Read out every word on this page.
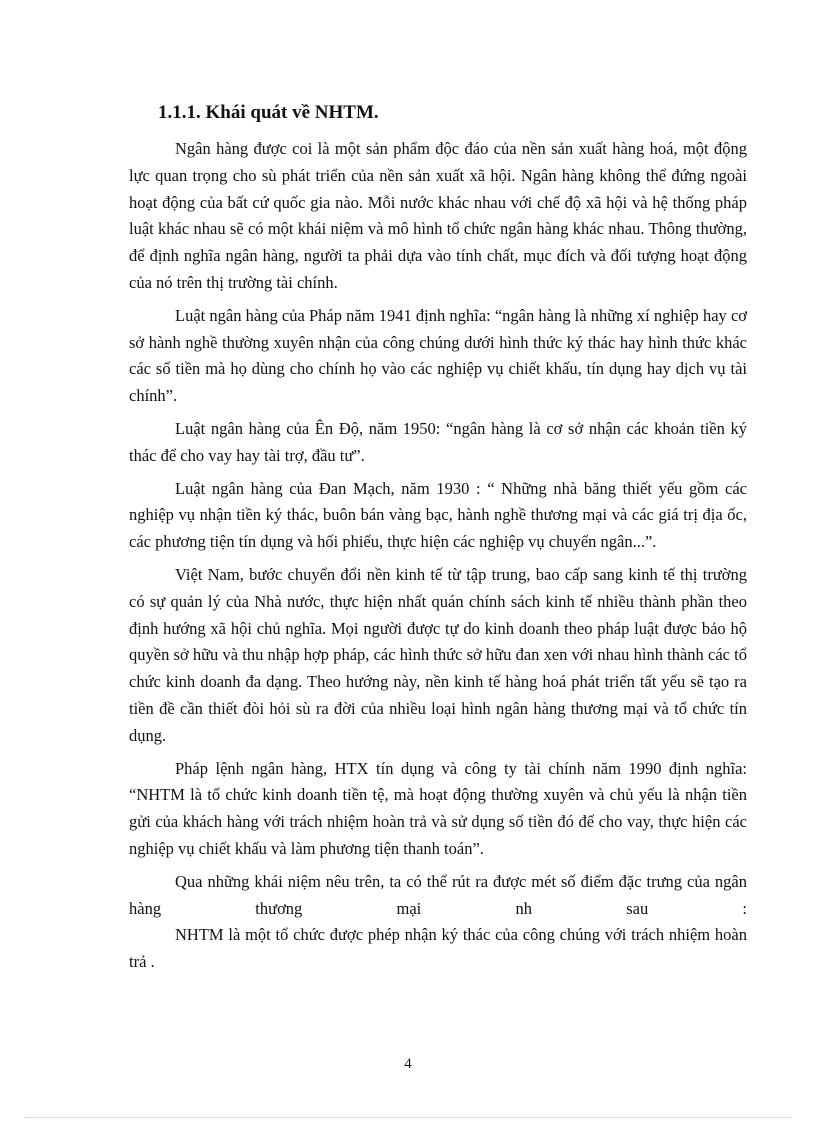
1.1.1. Khái quát về NHTM.

Ngân hàng được coi là một sản phẩm độc đáo của nền sản xuất hàng hoá, một động lực quan trọng cho sù phát triển của nền sản xuất xã hội. Ngân hàng không thể đứng ngoài hoạt động của bất cứ quốc gia nào. Mỗi nước khác nhau với chế độ xã hội và hệ thống pháp luật khác nhau sẽ có một khái niệm và mô hình tổ chức ngân hàng khác nhau. Thông thường, để định nghĩa ngân hàng, người ta phải dựa vào tính chất, mục đích và đối tượng hoạt động của nó trên thị trường tài chính.

Luật ngân hàng của Pháp năm 1941 định nghĩa: “ngân hàng là những xí nghiệp hay cơ sở hành nghề thường xuyên nhận của công chúng dưới hình thức ký thác hay hình thức khác các số tiền mà họ dùng cho chính họ vào các nghiệp vụ chiết khấu, tín dụng hay dịch vụ tài chính”.

Luật ngân hàng của Ên Độ, năm 1950: “ngân hàng là cơ sở nhận các khoản tiền ký thác để cho vay hay tài trợ, đầu tư”.

Luật ngân hàng của Đan Mạch, năm 1930 : “ Những nhà băng thiết yếu gồm các nghiệp vụ nhận tiền ký thác, buôn bán vàng bạc, hành nghề thương mại và các giá trị địa ốc, các phương tiện tín dụng và hối phiếu, thực hiện các nghiệp vụ chuyển ngân...”.

Việt Nam, bước chuyển đổi nền kinh tế từ tập trung, bao cấp sang kinh tế thị trường có sự quản lý của Nhà nước, thực hiện nhất quán chính sách kinh tế nhiều thành phần theo định hướng xã hội chủ nghĩa. Mọi người được tự do kinh doanh theo pháp luật được bảo hộ quyền sở hữu và thu nhập hợp pháp, các hình thức sở hữu đan xen với nhau hình thành các tổ chức kinh doanh đa dạng. Theo hướng này, nền kinh tế hàng hoá phát triển tất yếu sẽ tạo ra tiền đề cần thiết đòi hỏi sù ra đời của nhiều loại hình ngân hàng thương mại và tổ chức tín dụng.

Pháp lệnh ngân hàng, HTX tín dụng và công ty tài chính năm 1990 định nghĩa: “NHTM là tổ chức kinh doanh tiền tệ, mà hoạt động thường xuyên và chủ yếu là nhận tiền gửi của khách hàng với trách nhiệm hoàn trả và sử dụng số tiền đó để cho vay, thực hiện các nghiệp vụ chiết khấu và làm phương tiện thanh toán”.

Qua những khái niệm nêu trên, ta có thể rút ra được mét số điểm đặc trưng của ngân hàng thương mại nh sau :

NHTM là một tổ chức được phép nhận ký thác của công chúng với trách nhiệm hoàn trả .

4
